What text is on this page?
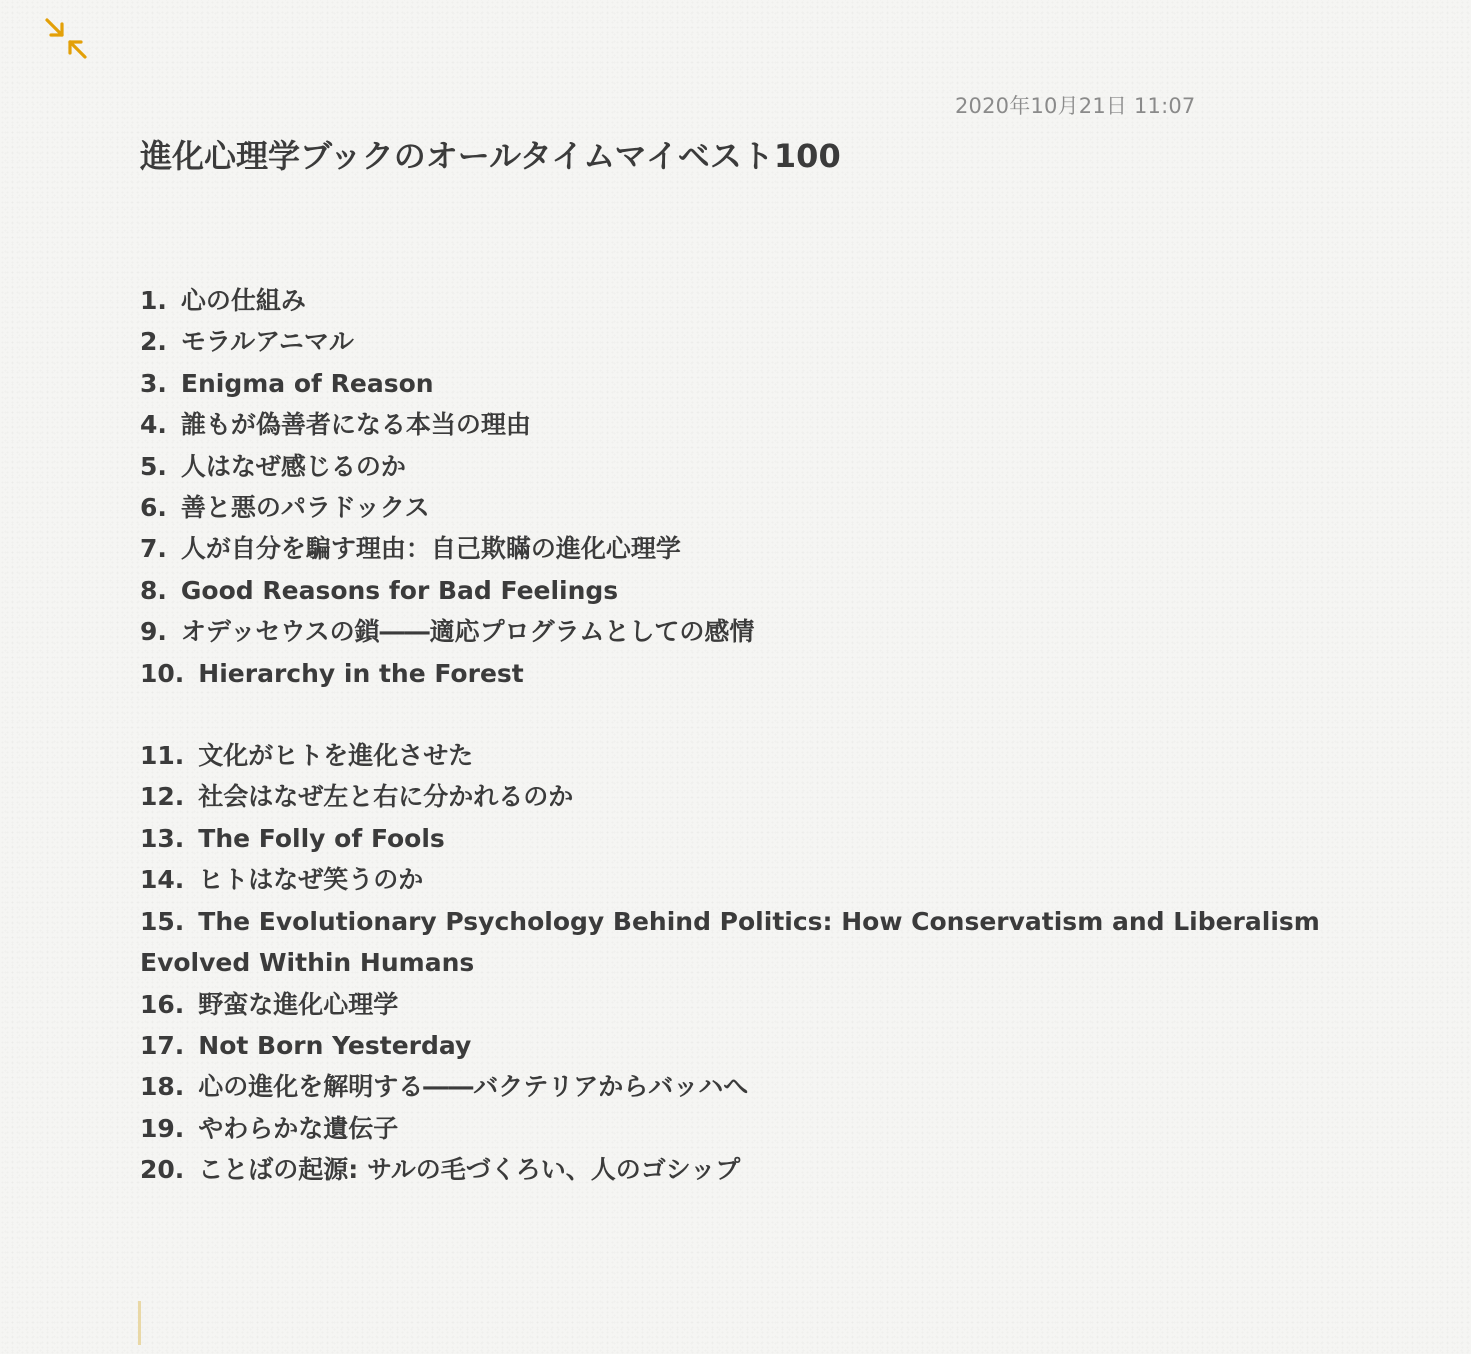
2020年10月21日 11:07
進化心理学ブックのオールタイムマイベスト100
1. 心の仕組み
2. モラルアニマル
3. Enigma of Reason
4. 誰もが偽善者になる本当の理由
5. 人はなぜ感じるのか
6. 善と悪のパラドックス
7. 人が自分を騙す理由：自己欺瞞の進化心理学
8. Good Reasons for Bad Feelings
9. オデッセウスの鎖――適応プログラムとしての感情
10. Hierarchy in the Forest
11. 文化がヒトを進化させた
12. 社会はなぜ左と右に分かれるのか
13. The Folly of Fools
14. ヒトはなぜ笑うのか
15. The Evolutionary Psychology Behind Politics: How Conservatism and Liberalism Evolved Within Humans
16. 野蛮な進化心理学
17. Not Born Yesterday
18. 心の進化を解明する――バクテリアからバッハへ
19. やわらかな遺伝子
20. ことばの起源: サルの毛づくろい、人のゴシップ
